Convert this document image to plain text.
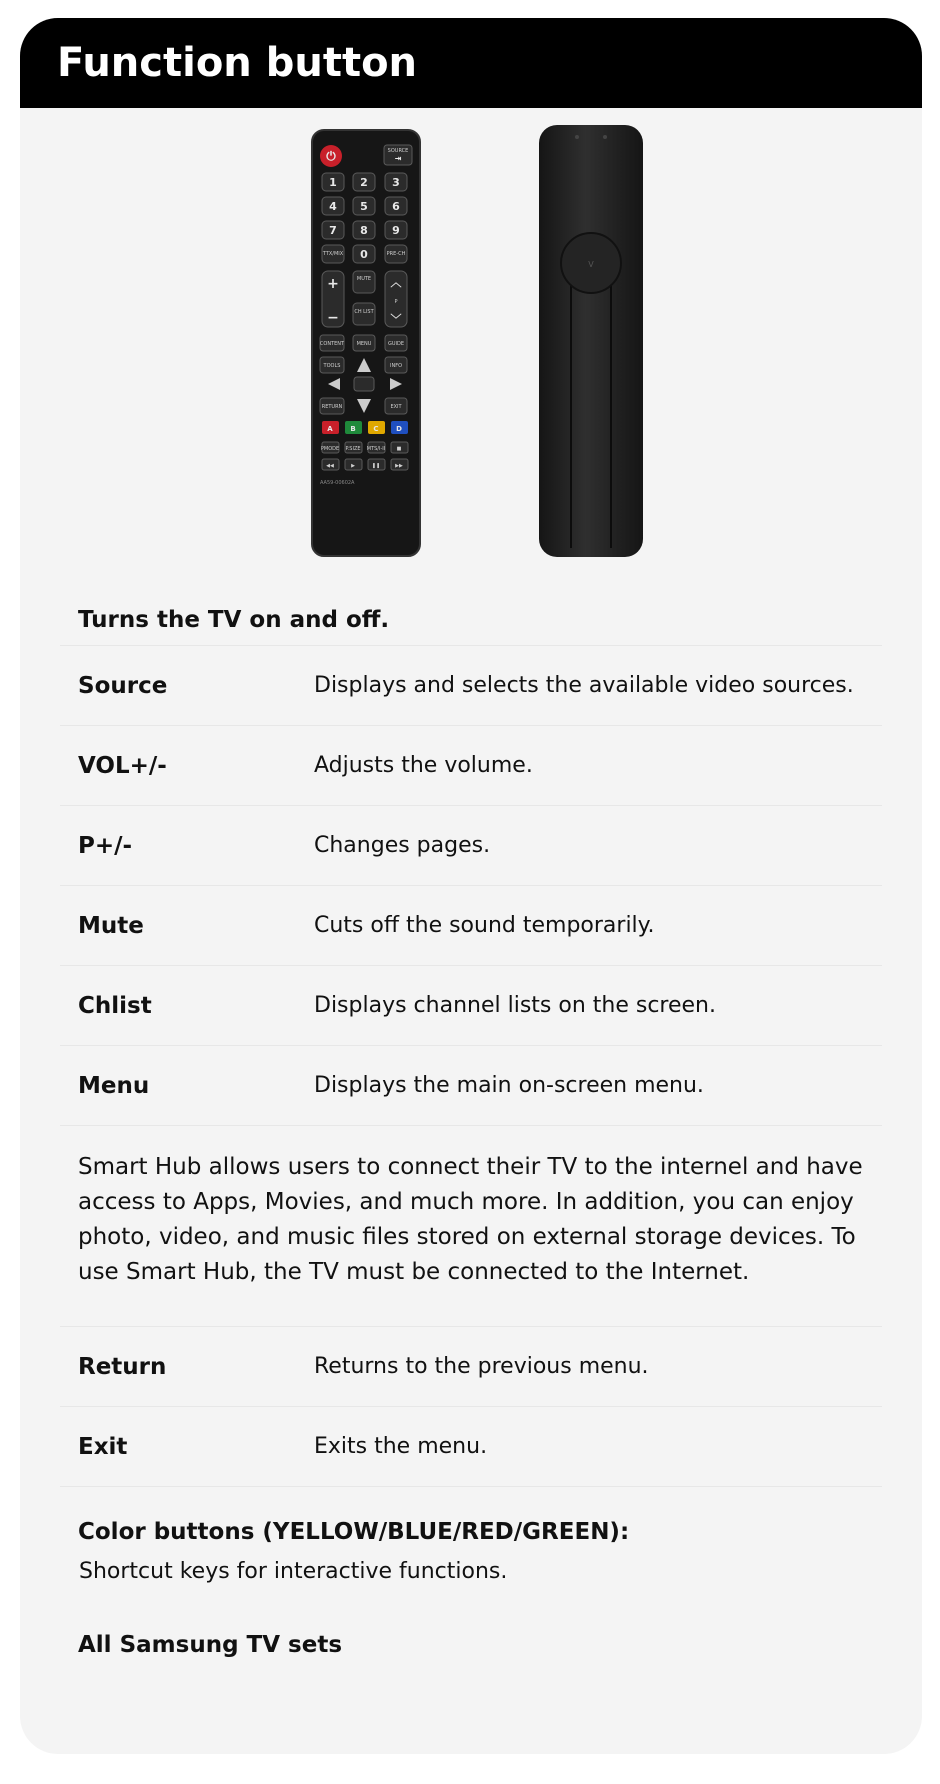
Function button
⏻	SOURCE
⇥
1 2 3
4 5 6
7 8 9
TTX/MIX 0	PRE-CH
+
−
MUTE
CH LIST
︿
P
﹀
CONTENT MENU	GUIDE
TOOLS	INFO
RETURN	EXIT
A	B	C	D
PMODE P.SIZE MTS/I-II ■
◀◀	▶	❚❚	▶▶
AA59-00602A
V
Turns the TV on and off.
Source	Displays and selects the available video sources.
VOL+/-	Adjusts the volume.
P+/-	Changes pages.
Mute	Cuts off the sound temporarily.
Chlist	Displays channel lists on the screen.
Menu	Displays the main on-screen menu.
Smart Hub allows users to connect their TV to the internel and have access to Apps, Movies, and much more. In addition, you can enjoy photo, video, and music files stored on external storage devices. To use Smart Hub, the TV must be connected to the Internet.
Return	Returns to the previous menu.
Exit	Exits the menu.
Color buttons (YELLOW/BLUE/RED/GREEN):
Shortcut keys for interactive functions.
All Samsung TV sets
